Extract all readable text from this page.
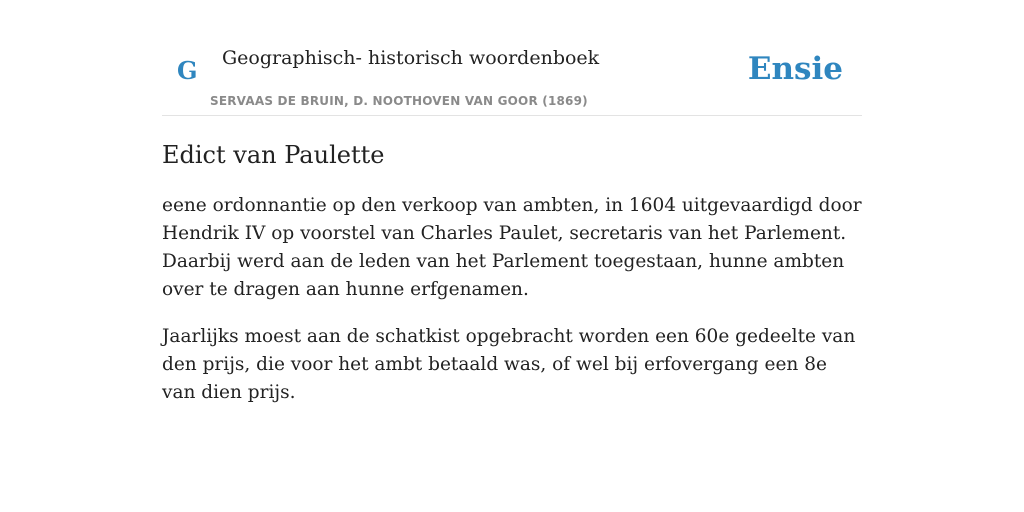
G Geographisch- historisch woordenboek
SERVAAS DE BRUIN, D. NOOTHOVEN VAN GOOR (1869)
Ensie
Edict van Paulette

eene ordonnantie op den verkoop van ambten, in 1604 uitgevaardigd door Hendrik IV op voorstel van Charles Paulet, secretaris van het Parlement. Daarbij werd aan de leden van het Parlement toegestaan, hunne ambten over te dragen aan hunne erfgenamen.

Jaarlijks moest aan de schatkist opgebracht worden een 60e gedeelte van den prijs, die voor het ambt betaald was, of wel bij erfovergang een 8e van dien prijs.
